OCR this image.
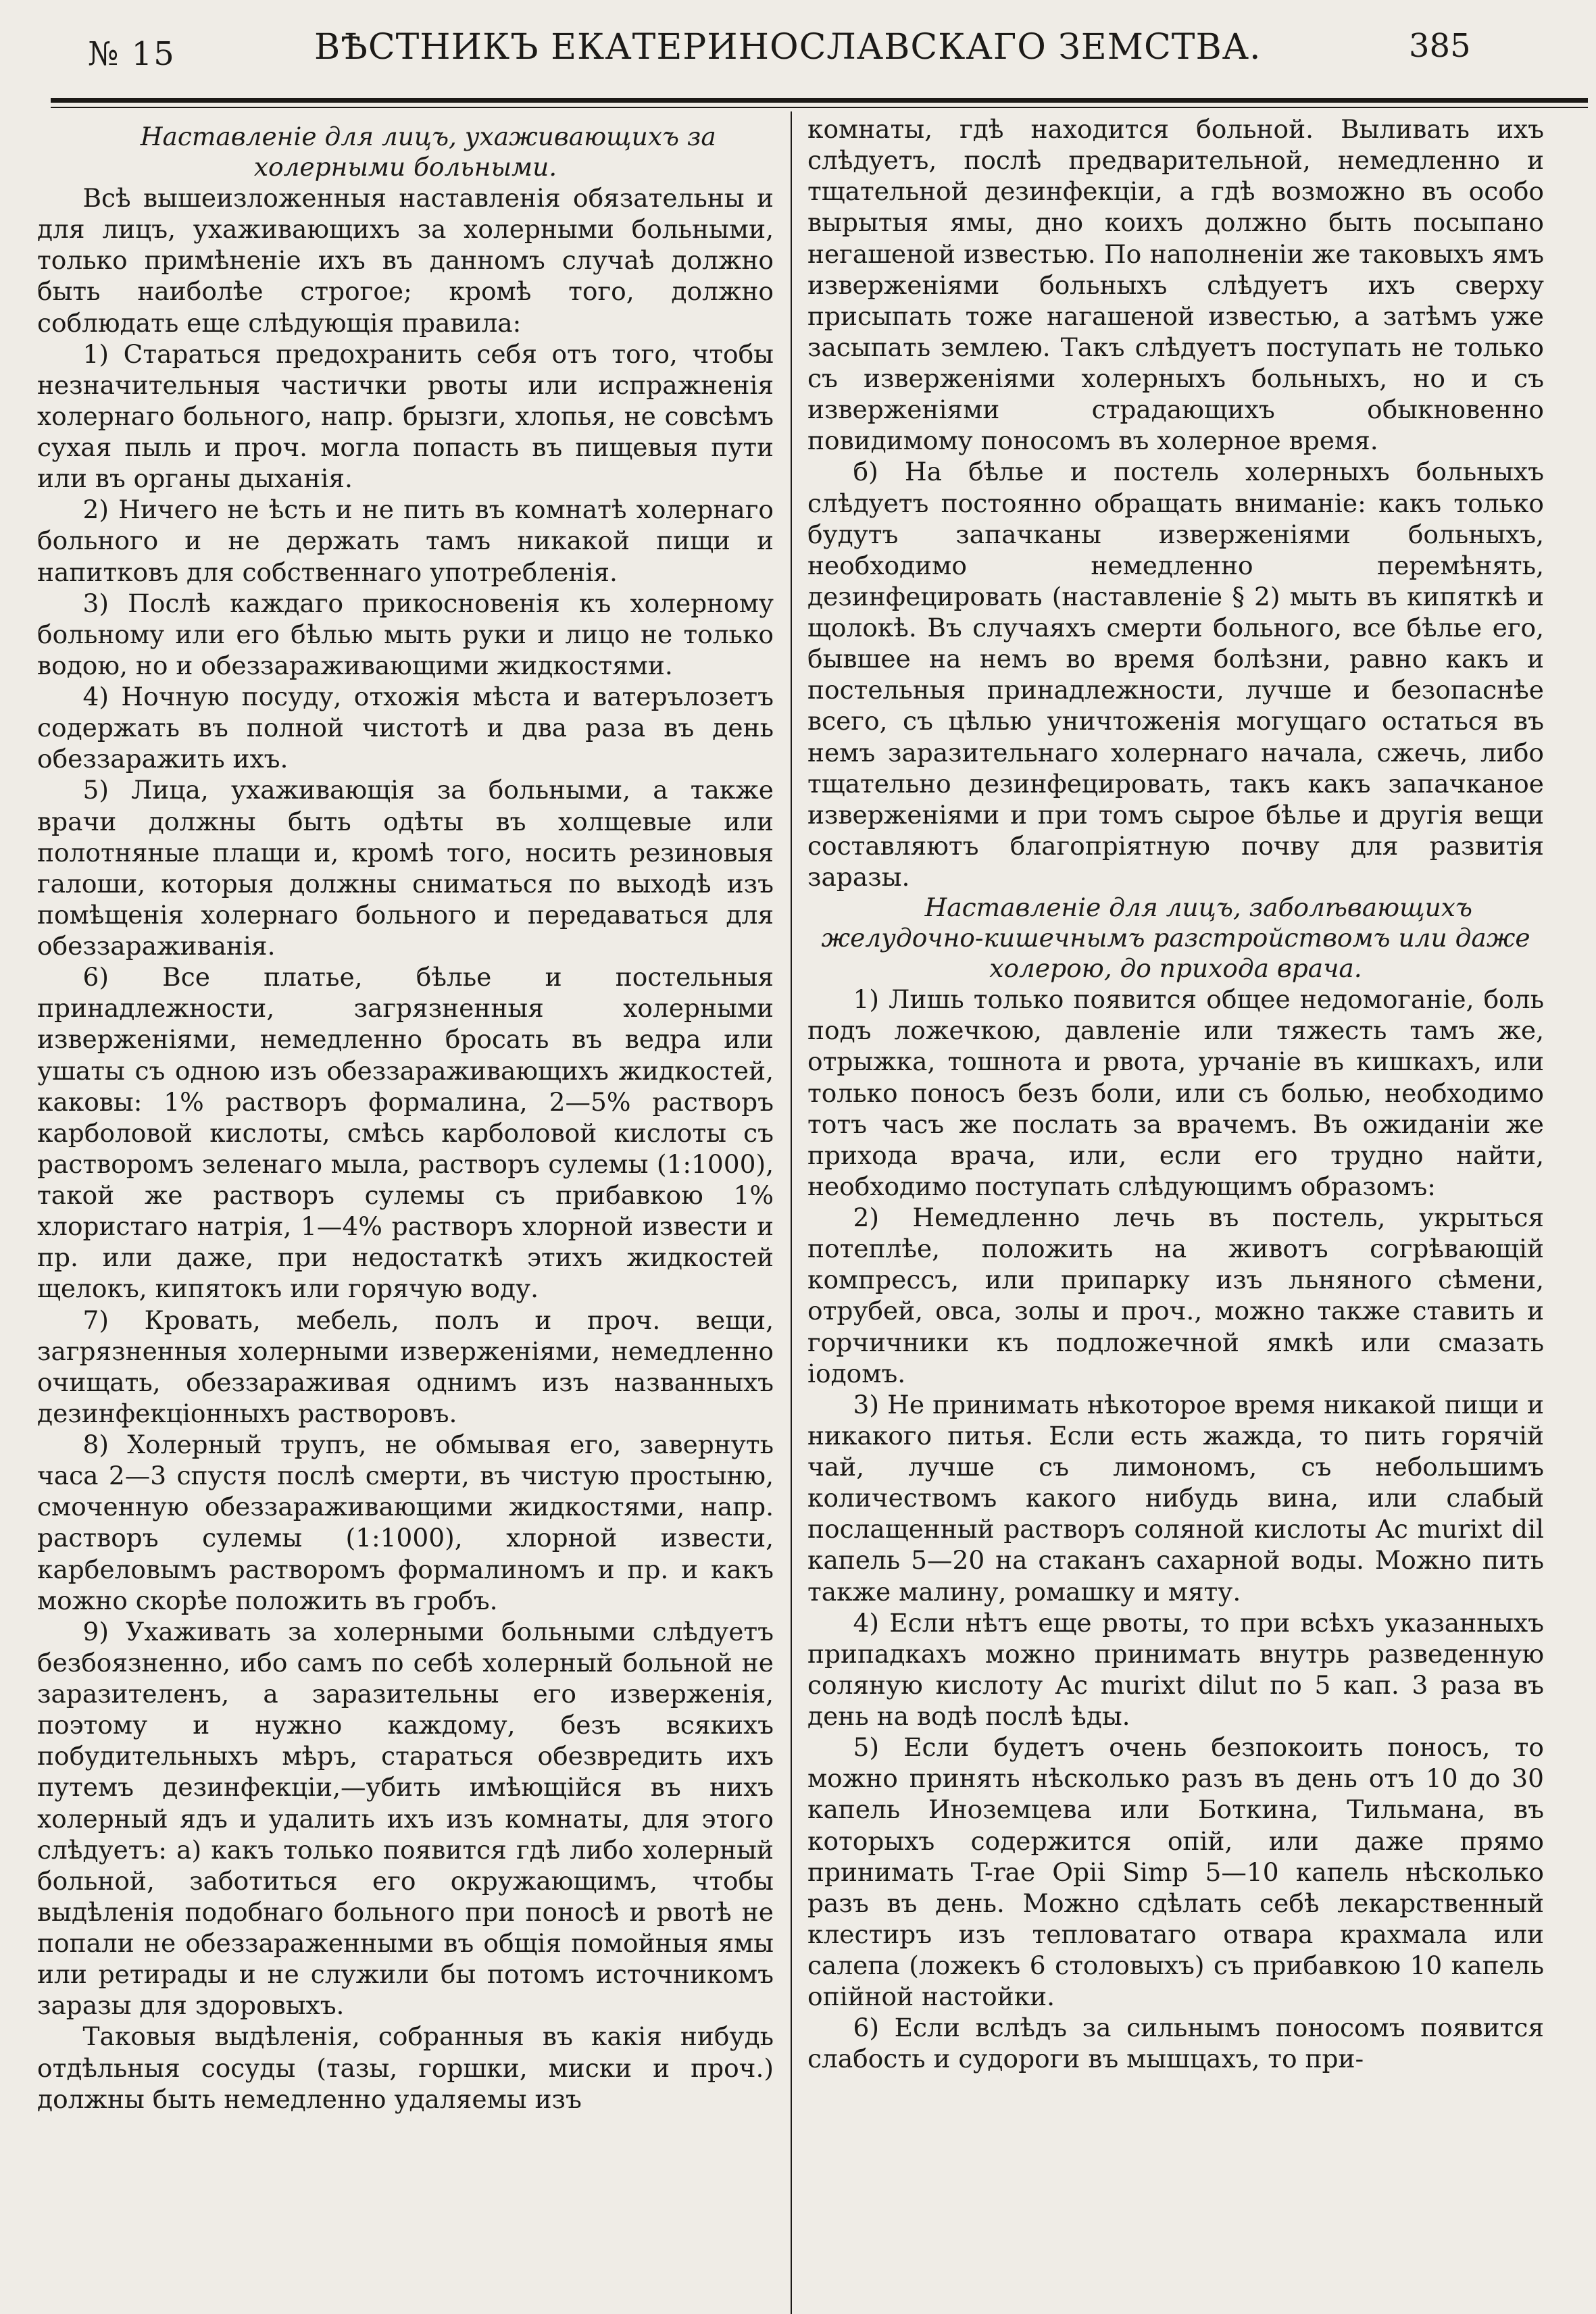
№ 15	ВѢСТНИКЪ ЕКАТЕРИНОСЛАВСКАГО ЗЕМСТВА.	385

Наставленіе для лицъ, ухаживающихъ за холерными больными.

Всѣ вышеизложенныя наставленія обязательны и для лицъ, ухаживающихъ за холерными больными, только примѣненіе ихъ въ данномъ случаѣ должно быть наиболѣе строгое; кромѣ того, должно соблюдать еще слѣдующія правила:

1) Стараться предохранить себя отъ того, чтобы незначительныя частички рвоты или испражненія холернаго больного, напр. брызги, хлопья, не совсѣмъ сухая пыль и проч. могла попасть въ пищевыя пути или въ органы дыханія.

2) Ничего не ѣсть и не пить въ комнатѣ холернаго больного и не держать тамъ никакой пищи и напитковъ для собственнаго употребленія.

3) Послѣ каждаго прикосновенія къ холерному больному или его бѣлью мыть руки и лицо не только водою, но и обеззараживающими жидкостями.

4) Ночную посуду, отхожія мѣста и ватерълозетъ содержать въ полной чистотѣ и два раза въ день обеззаражить ихъ.

5) Лица, ухаживающія за больными, а также врачи должны быть одѣты въ холщевые или полотняные плащи и, кромѣ того, носить резиновыя галоши, которыя должны сниматься по выходѣ изъ помѣщенія холернаго больного и передаваться для обеззараживанія.

6) Все платье, бѣлье и постельныя принадлежности, загрязненныя холерными изверженіями, немедленно бросать въ ведра или ушаты съ одною изъ обеззараживающихъ жидкостей, каковы: 1% растворъ формалина, 2—5% растворъ карболовой кислоты, смѣсь карболовой кислоты съ растворомъ зеленаго мыла, растворъ сулемы (1:1000), такой же растворъ сулемы съ прибавкою 1% хлористаго натрія, 1—4% растворъ хлорной извести и пр. или даже, при недостаткѣ этихъ жидкостей щелокъ, кипятокъ или горячую воду.

7) Кровать, мебель, полъ и проч. вещи, загрязненныя холерными изверженіями, немедленно очищать, обеззараживая однимъ изъ названныхъ дезинфекціонныхъ растворовъ.

8) Холерный трупъ, не обмывая его, завернуть часа 2—3 спустя послѣ смерти, въ чистую простыню, смоченную обеззараживающими жидкостями, напр. растворъ сулемы (1:1000), хлорной извести, карбеловымъ растворомъ формалиномъ и пр. и какъ можно скорѣе положить въ гробъ.

9) Ухаживать за холерными больными слѣдуетъ безбоязненно, ибо самъ по себѣ холерный больной не заразителенъ, а заразительны его изверженія, поэтому и нужно каждому, безъ всякихъ побудительныхъ мѣръ, стараться обезвредить ихъ путемъ дезинфекціи,—убить имѣющійся въ нихъ холерный ядъ и удалить ихъ изъ комнаты, для этого слѣдуетъ: а) какъ только появится гдѣ либо холерный больной, заботиться его окружающимъ, чтобы выдѣленія подобнаго больного при поносѣ и рвотѣ не попали не обеззараженными въ общія помойныя ямы или ретирады и не служили бы потомъ источникомъ заразы для здоровыхъ.

Таковыя выдѣленія, собранныя въ какія нибудь отдѣльныя сосуды (тазы, горшки, миски и проч.) должны быть немедленно удаляемы изъ

комнаты, гдѣ находится больной. Выливать ихъ слѣдуетъ, послѣ предварительной, немедленно и тщательной дезинфекціи, а гдѣ возможно въ особо вырытыя ямы, дно коихъ должно быть посыпано негашеной известью. По наполненіи же таковыхъ ямъ изверженіями больныхъ слѣдуетъ ихъ сверху присыпать тоже нагашеной известью, а затѣмъ уже засыпать землею. Такъ слѣдуетъ поступать не только съ изверженіями холерныхъ больныхъ, но и съ изверженіями страдающихъ обыкновенно повидимому поносомъ въ холерное время.

б) На бѣлье и постель холерныхъ больныхъ слѣдуетъ постоянно обращать вниманіе: какъ только будутъ запачканы изверженіями больныхъ, необходимо немедленно перемѣнять, дезинфецировать (наставленіе § 2) мыть въ кипяткѣ и щолокѣ. Въ случаяхъ смерти больного, все бѣлье его, бывшее на немъ во время болѣзни, равно какъ и постельныя принадлежности, лучше и безопаснѣе всего, съ цѣлью уничтоженія могущаго остаться въ немъ заразительнаго холернаго начала, сжечь, либо тщательно дезинфецировать, такъ какъ запачканое изверженіями и при томъ сырое бѣлье и другія вещи составляютъ благопріятную почву для развитія заразы.

Наставленіе для лицъ, заболѣвающихъ желудочно-кишечнымъ разстройствомъ или даже холерою, до прихода врача.

1) Лишь только появится общее недомоганіе, боль подъ ложечкою, давленіе или тяжесть тамъ же, отрыжка, тошнота и рвота, урчаніе въ кишкахъ, или только поносъ безъ боли, или съ болью, необходимо тотъ часъ же послать за врачемъ. Въ ожиданіи же прихода врача, или, если его трудно найти, необходимо поступать слѣдующимъ образомъ:

2) Немедленно лечь въ постель, укрыться потеплѣе, положить на животъ согрѣвающій компрессъ, или припарку изъ льняного сѣмени, отрубей, овса, золы и проч., можно также ставить и горчичники къ подложечной ямкѣ или смазать іодомъ.

3) Не принимать нѣкоторое время никакой пищи и никакого питья. Если есть жажда, то пить горячій чай, лучше съ лимономъ, съ небольшимъ количествомъ какого нибудь вина, или слабый послащенный растворъ соляной кислоты Ac murixt dil капель 5—20 на стаканъ сахарной воды. Можно пить также малину, ромашку и мяту.

4) Если нѣтъ еще рвоты, то при всѣхъ указанныхъ припадкахъ можно принимать внутрь разведенную соляную кислоту Ac murixt dilut по 5 кап. 3 раза въ день на водѣ послѣ ѣды.

5) Если будетъ очень безпокоить поносъ, то можно принять нѣсколько разъ въ день отъ 10 до 30 капель Иноземцева или Боткина, Тильмана, въ которыхъ содержится опій, или даже прямо принимать T-rae Opii Simp 5—10 капель нѣсколько разъ въ день. Можно сдѣлать себѣ лекарственный клестиръ изъ тепловатаго отвара крахмала или салепа (ложекъ 6 столовыхъ) съ прибавкою 10 капель опійной настойки.

6) Если вслѣдъ за сильнымъ поносомъ появится слабость и судороги въ мышцахъ, то при-
